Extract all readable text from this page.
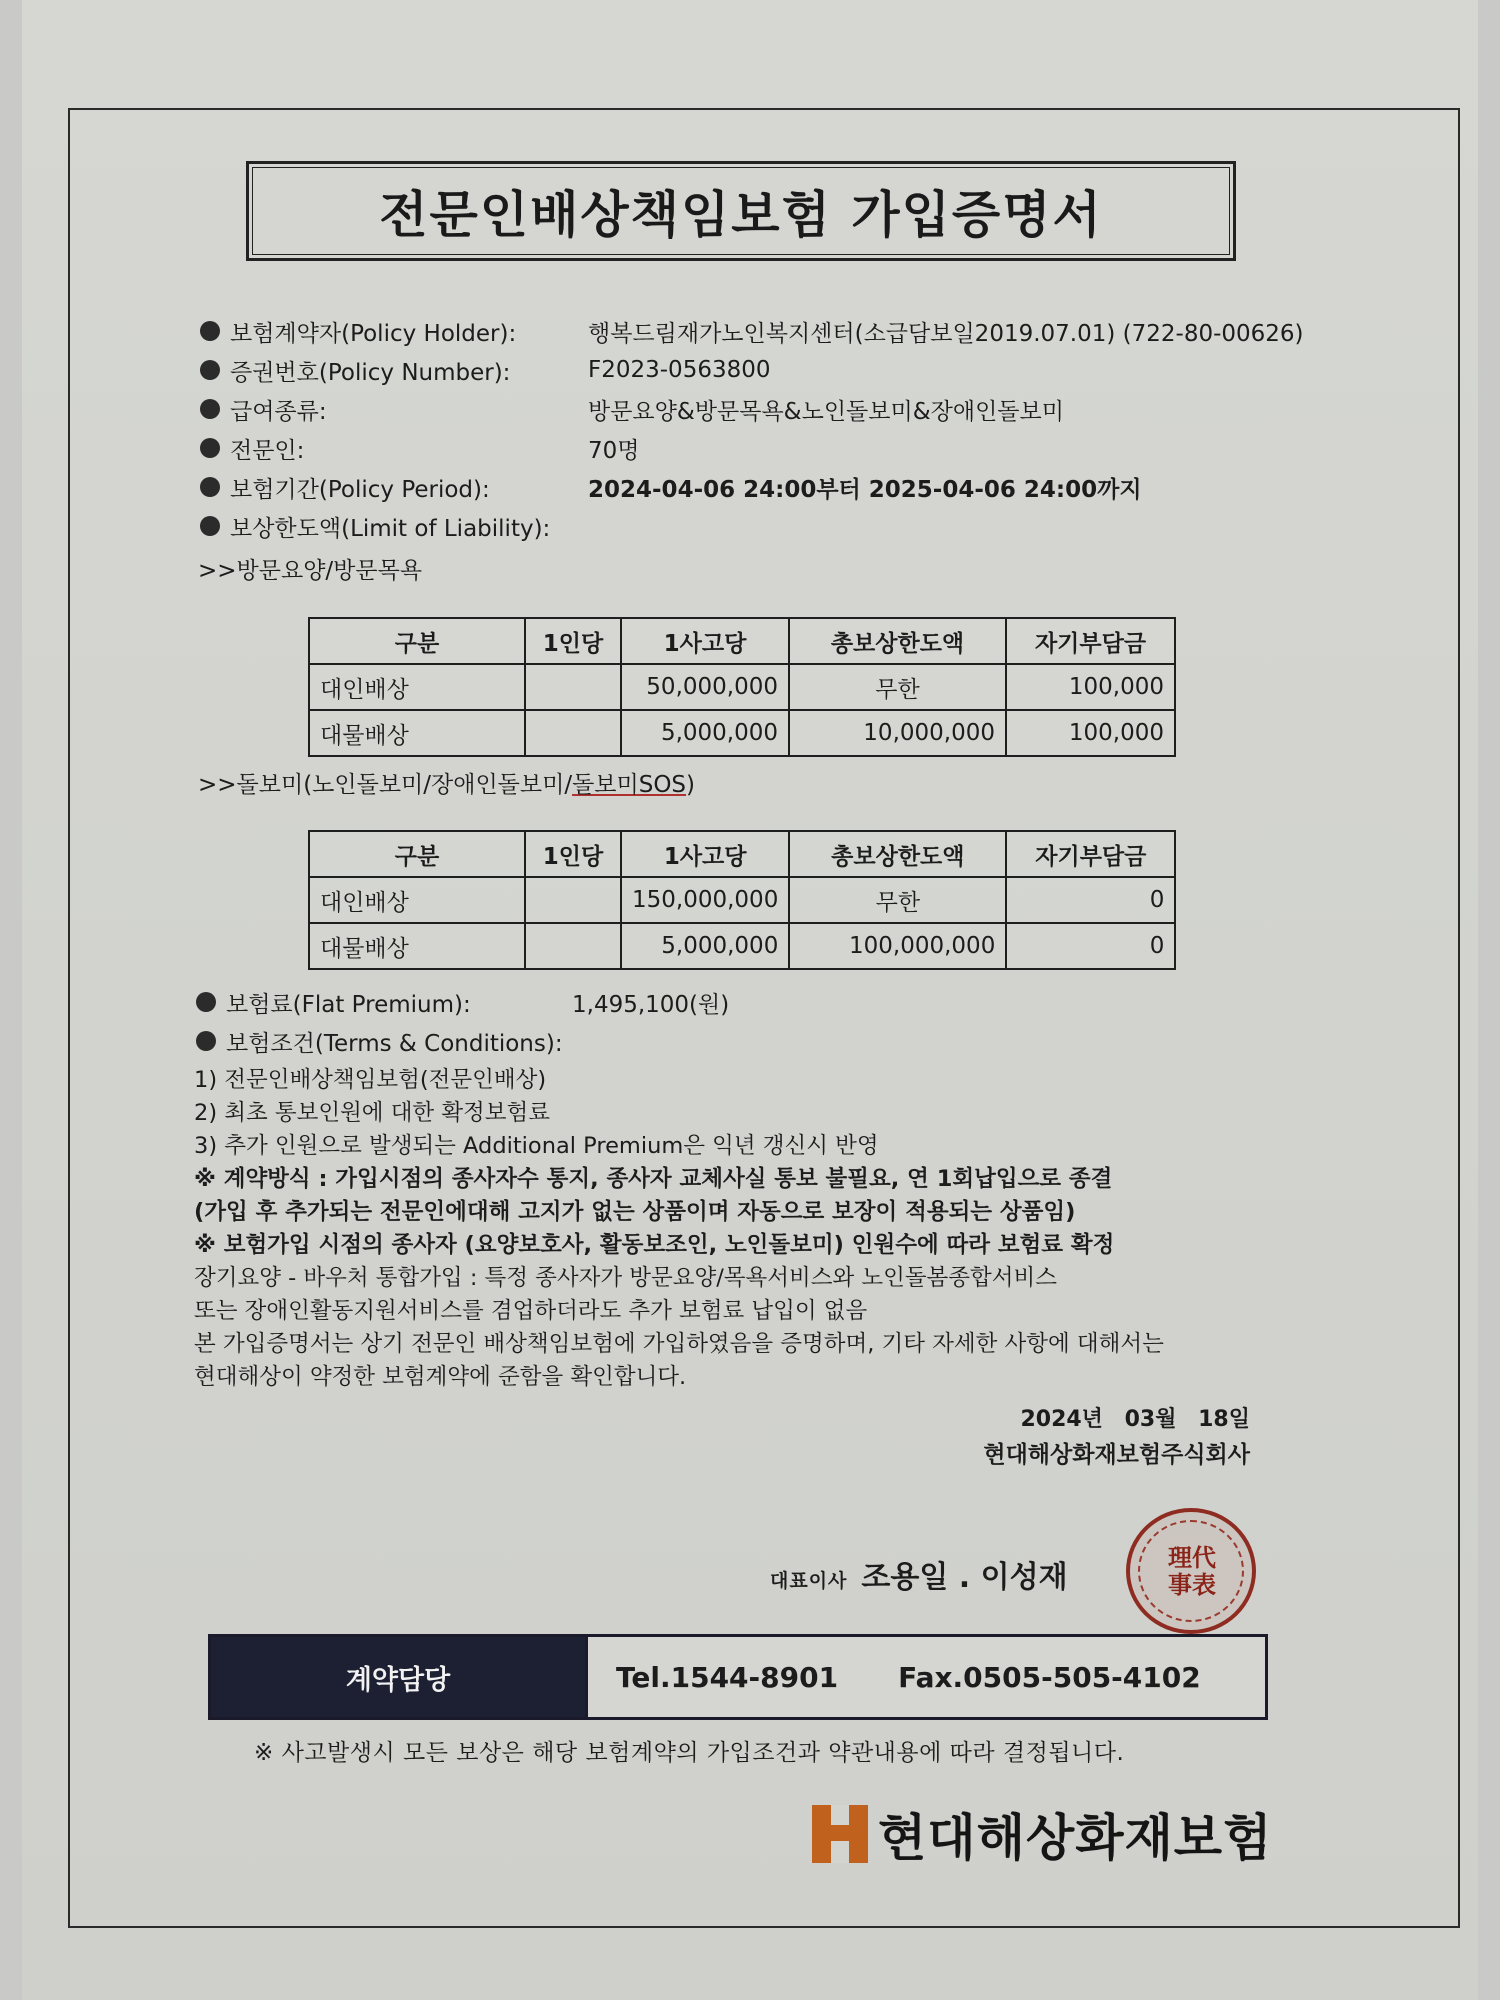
전문인배상책임보험 가입증명서
보험계약자(Policy Holder):	행복드림재가노인복지센터(소급담보일2019.07.01) (722-80-00626)
증권번호(Policy Number):	F2023-0563800
급여종류:	방문요양&방문목욕&노인돌보미&장애인돌보미
전문인:	70명
보험기간(Policy Period):	2024-04-06 24:00부터 2025-04-06 24:00까지
보상한도액(Limit of Liability):
>>방문요양/방문목욕
구분	1인당	1사고당	총보상한도액	자기부담금
대인배상		50,000,000	무한	100,000
대물배상		5,000,000	10,000,000	100,000
>>돌보미(노인돌보미/장애인돌보미/돌보미SOS)
구분	1인당	1사고당	총보상한도액	자기부담금
대인배상		150,000,000	무한	0
대물배상		5,000,000	100,000,000	0
보험료(Flat Premium):	1,495,100(원)
보험조건(Terms & Conditions):
1) 전문인배상책임보험(전문인배상)
2) 최초 통보인원에 대한 확정보험료
3) 추가 인원으로 발생되는 Additional Premium은 익년 갱신시 반영
※ 계약방식 : 가입시점의 종사자수 통지, 종사자 교체사실 통보 불필요, 연 1회납입으로 종결
(가입 후 추가되는 전문인에대해 고지가 없는 상품이며 자동으로 보장이 적용되는 상품임)
※ 보험가입 시점의 종사자 (요양보호사, 활동보조인, 노인돌보미) 인원수에 따라 보험료 확정
장기요양 - 바우처 통합가입 : 특정 종사자가 방문요양/목욕서비스와 노인돌봄종합서비스
또는 장애인활동지원서비스를 겸업하더라도 추가 보험료 납입이 없음
본 가입증명서는 상기 전문인 배상책임보험에 가입하였음을 증명하며, 기타 자세한 사항에 대해서는
현대해상이 약정한 보험계약에 준함을 확인합니다.
2024년 03월 18일
현대해상화재보험주식회사
대표이사 조용일 . 이성재
理代事表
계약담당	Tel.1544-8901 Fax.0505-505-4102
※ 사고발생시 모든 보상은 해당 보험계약의 가입조건과 약관내용에 따라 결정됩니다.
현대해상화재보험
